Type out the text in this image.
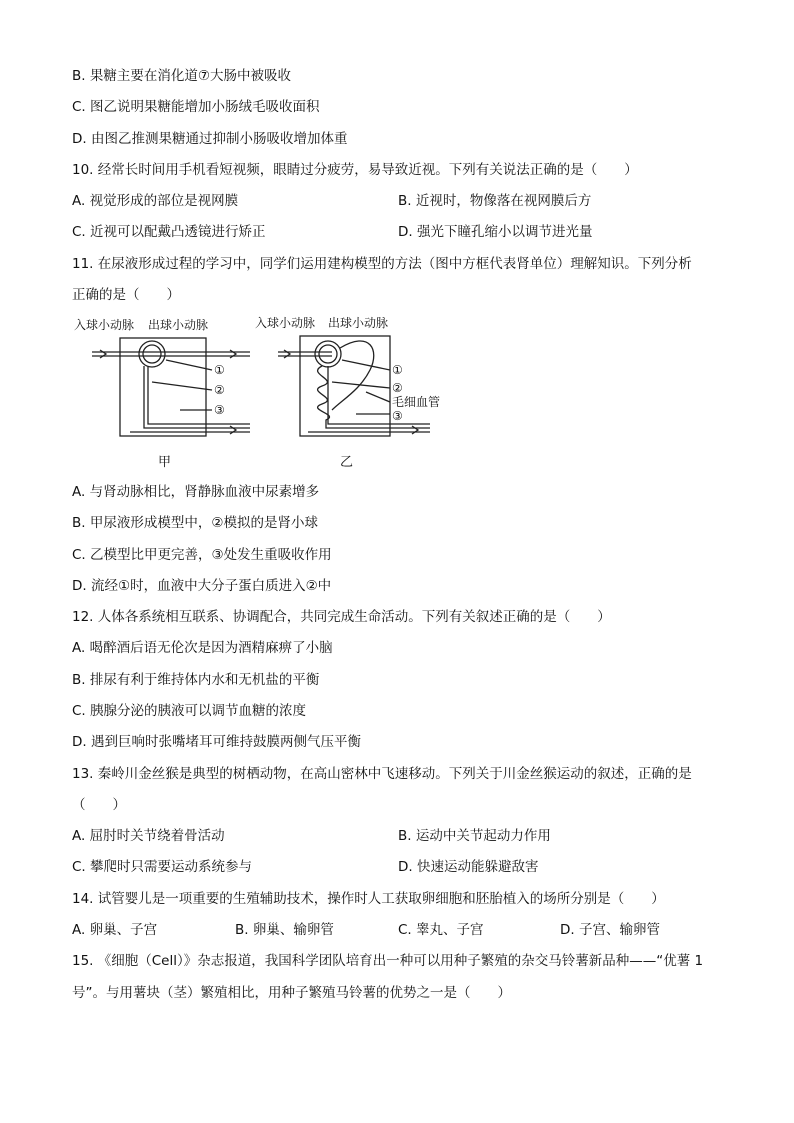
B. 果糖主要在消化道⑦大肠中被吸收
C. 图乙说明果糖能增加小肠绒毛吸收面积
D. 由图乙推测果糖通过抑制小肠吸收增加体重
10. 经常长时间用手机看短视频，眼睛过分疲劳，易导致近视。下列有关说法正确的是（　　）
A. 视觉形成的部位是视网膜	B. 近视时，物像落在视网膜后方
C. 近视可以配戴凸透镜进行矫正	D. 强光下瞳孔缩小以调节进光量
11. 在尿液形成过程的学习中，同学们运用建构模型的方法（图中方框代表肾单位）理解知识。下列分析
正确的是（　　）
入球小动脉 出球小动脉
①
②
③
甲
入球小动脉 出球小动脉
①
②
毛细血管
③
乙
A. 与肾动脉相比，肾静脉血液中尿素增多
B. 甲尿液形成模型中，②模拟的是肾小球
C. 乙模型比甲更完善，③处发生重吸收作用
D. 流经①时，血液中大分子蛋白质进入②中
12. 人体各系统相互联系、协调配合，共同完成生命活动。下列有关叙述正确的是（　　）
A. 喝醉酒后语无伦次是因为酒精麻痹了小脑
B. 排尿有利于维持体内水和无机盐的平衡
C. 胰腺分泌的胰液可以调节血糖的浓度
D. 遇到巨响时张嘴堵耳可维持鼓膜两侧气压平衡
13. 秦岭川金丝猴是典型的树栖动物，在高山密林中飞速移动。下列关于川金丝猴运动的叙述，正确的是
（　　）
A. 屈肘时关节绕着骨活动	B. 运动中关节起动力作用
C. 攀爬时只需要运动系统参与	D. 快速运动能躲避敌害
14. 试管婴儿是一项重要的生殖辅助技术，操作时人工获取卵细胞和胚胎植入的场所分别是（　　）
A. 卵巢、子宫	B. 卵巢、输卵管	C. 睾丸、子宫	D. 子宫、输卵管
15. 《细胞（Cell）》杂志报道，我国科学团队培育出一种可以用种子繁殖的杂交马铃薯新品种——“优薯 1
号”。与用薯块（茎）繁殖相比，用种子繁殖马铃薯的优势之一是（　　）
